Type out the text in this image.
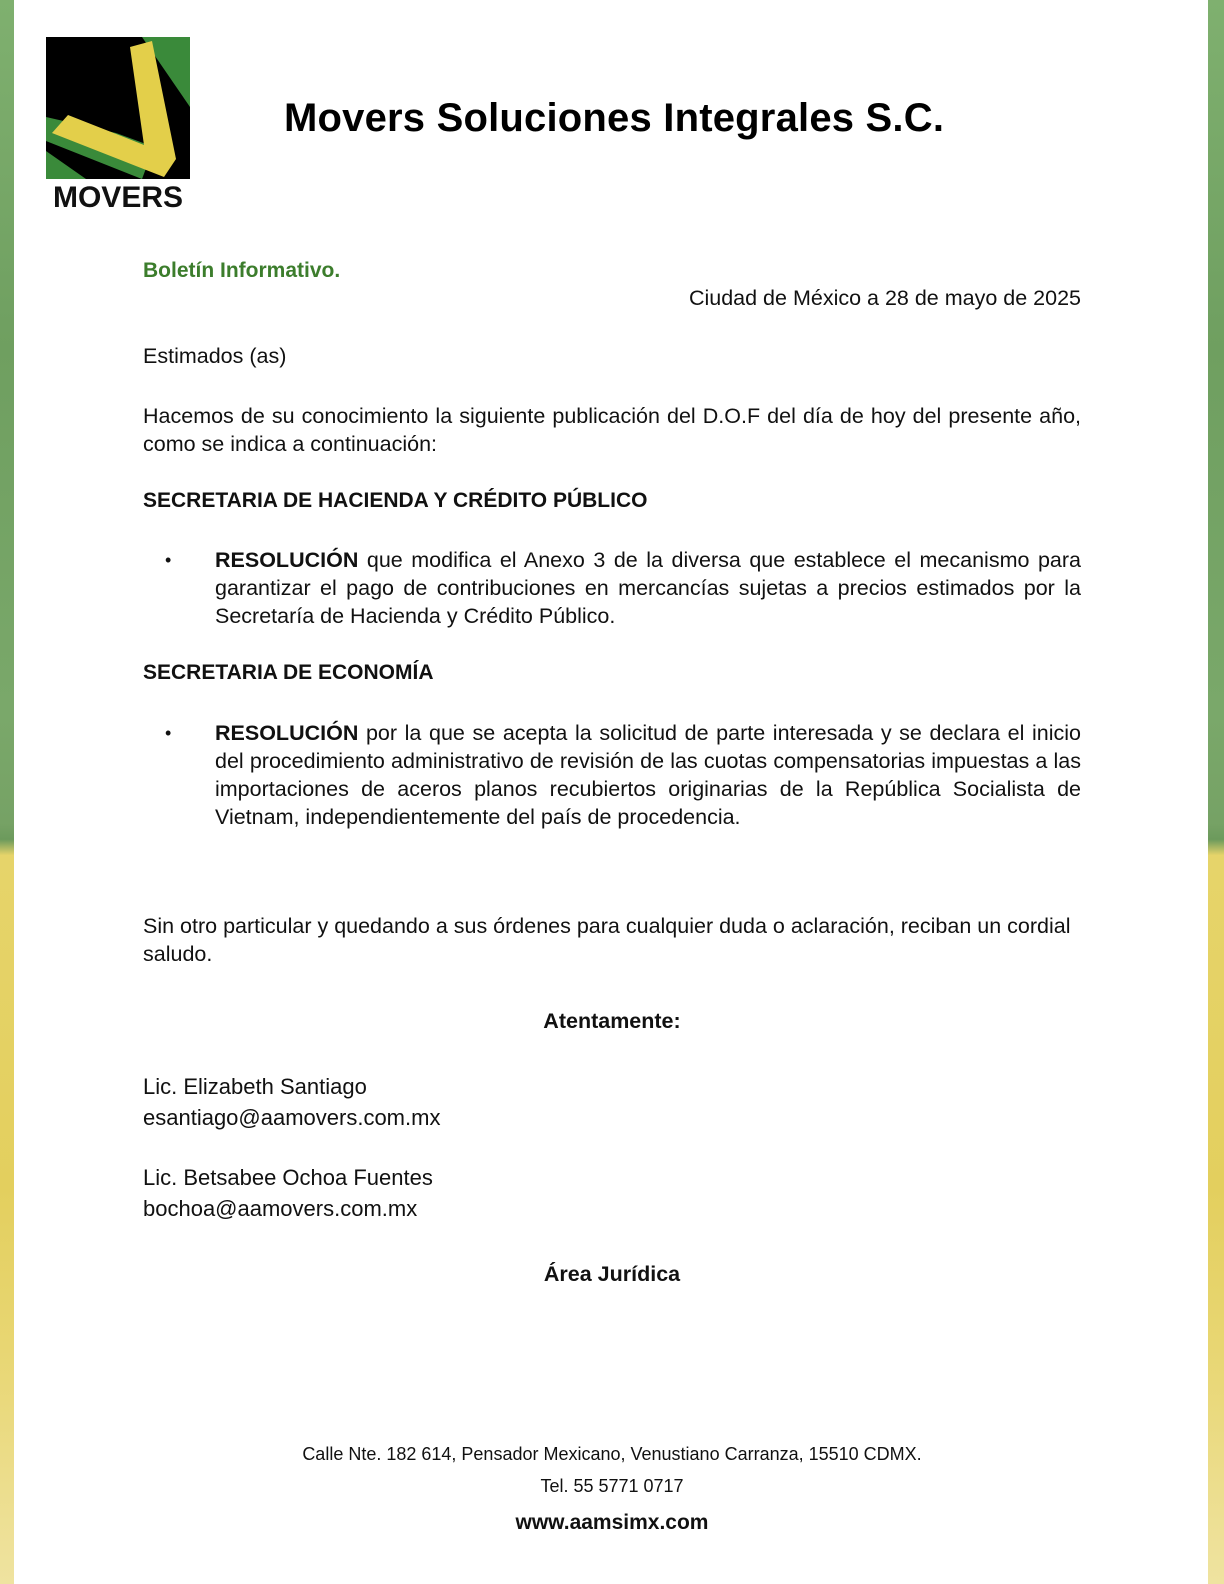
MOVERS
Movers Soluciones Integrales S.C.

Boletín Informativo.

Ciudad de México a 28 de mayo de 2025

Estimados (as)

Hacemos de su conocimiento la siguiente publicación del D.O.F del día de hoy del presente año, como se indica a continuación:

SECRETARIA DE HACIENDA Y CRÉDITO PÚBLICO

• RESOLUCIÓN que modifica el Anexo 3 de la diversa que establece el mecanismo para garantizar el pago de contribuciones en mercancías sujetas a precios estimados por la Secretaría de Hacienda y Crédito Público.

SECRETARIA DE ECONOMÍA

• RESOLUCIÓN por la que se acepta la solicitud de parte interesada y se declara el inicio del procedimiento administrativo de revisión de las cuotas compensatorias impuestas a las importaciones de aceros planos recubiertos originarias de la República Socialista de Vietnam, independientemente del país de procedencia.

Sin otro particular y quedando a sus órdenes para cualquier duda o aclaración, reciban un cordial saludo.

Atentamente:

Lic. Elizabeth Santiago
esantiago@aamovers.com.mx
Lic. Betsabee Ochoa Fuentes
bochoa@aamovers.com.mx

Área Jurídica

Calle Nte. 182 614, Pensador Mexicano, Venustiano Carranza, 15510 CDMX.

Tel. 55 5771 0717

www.aamsimx.com
